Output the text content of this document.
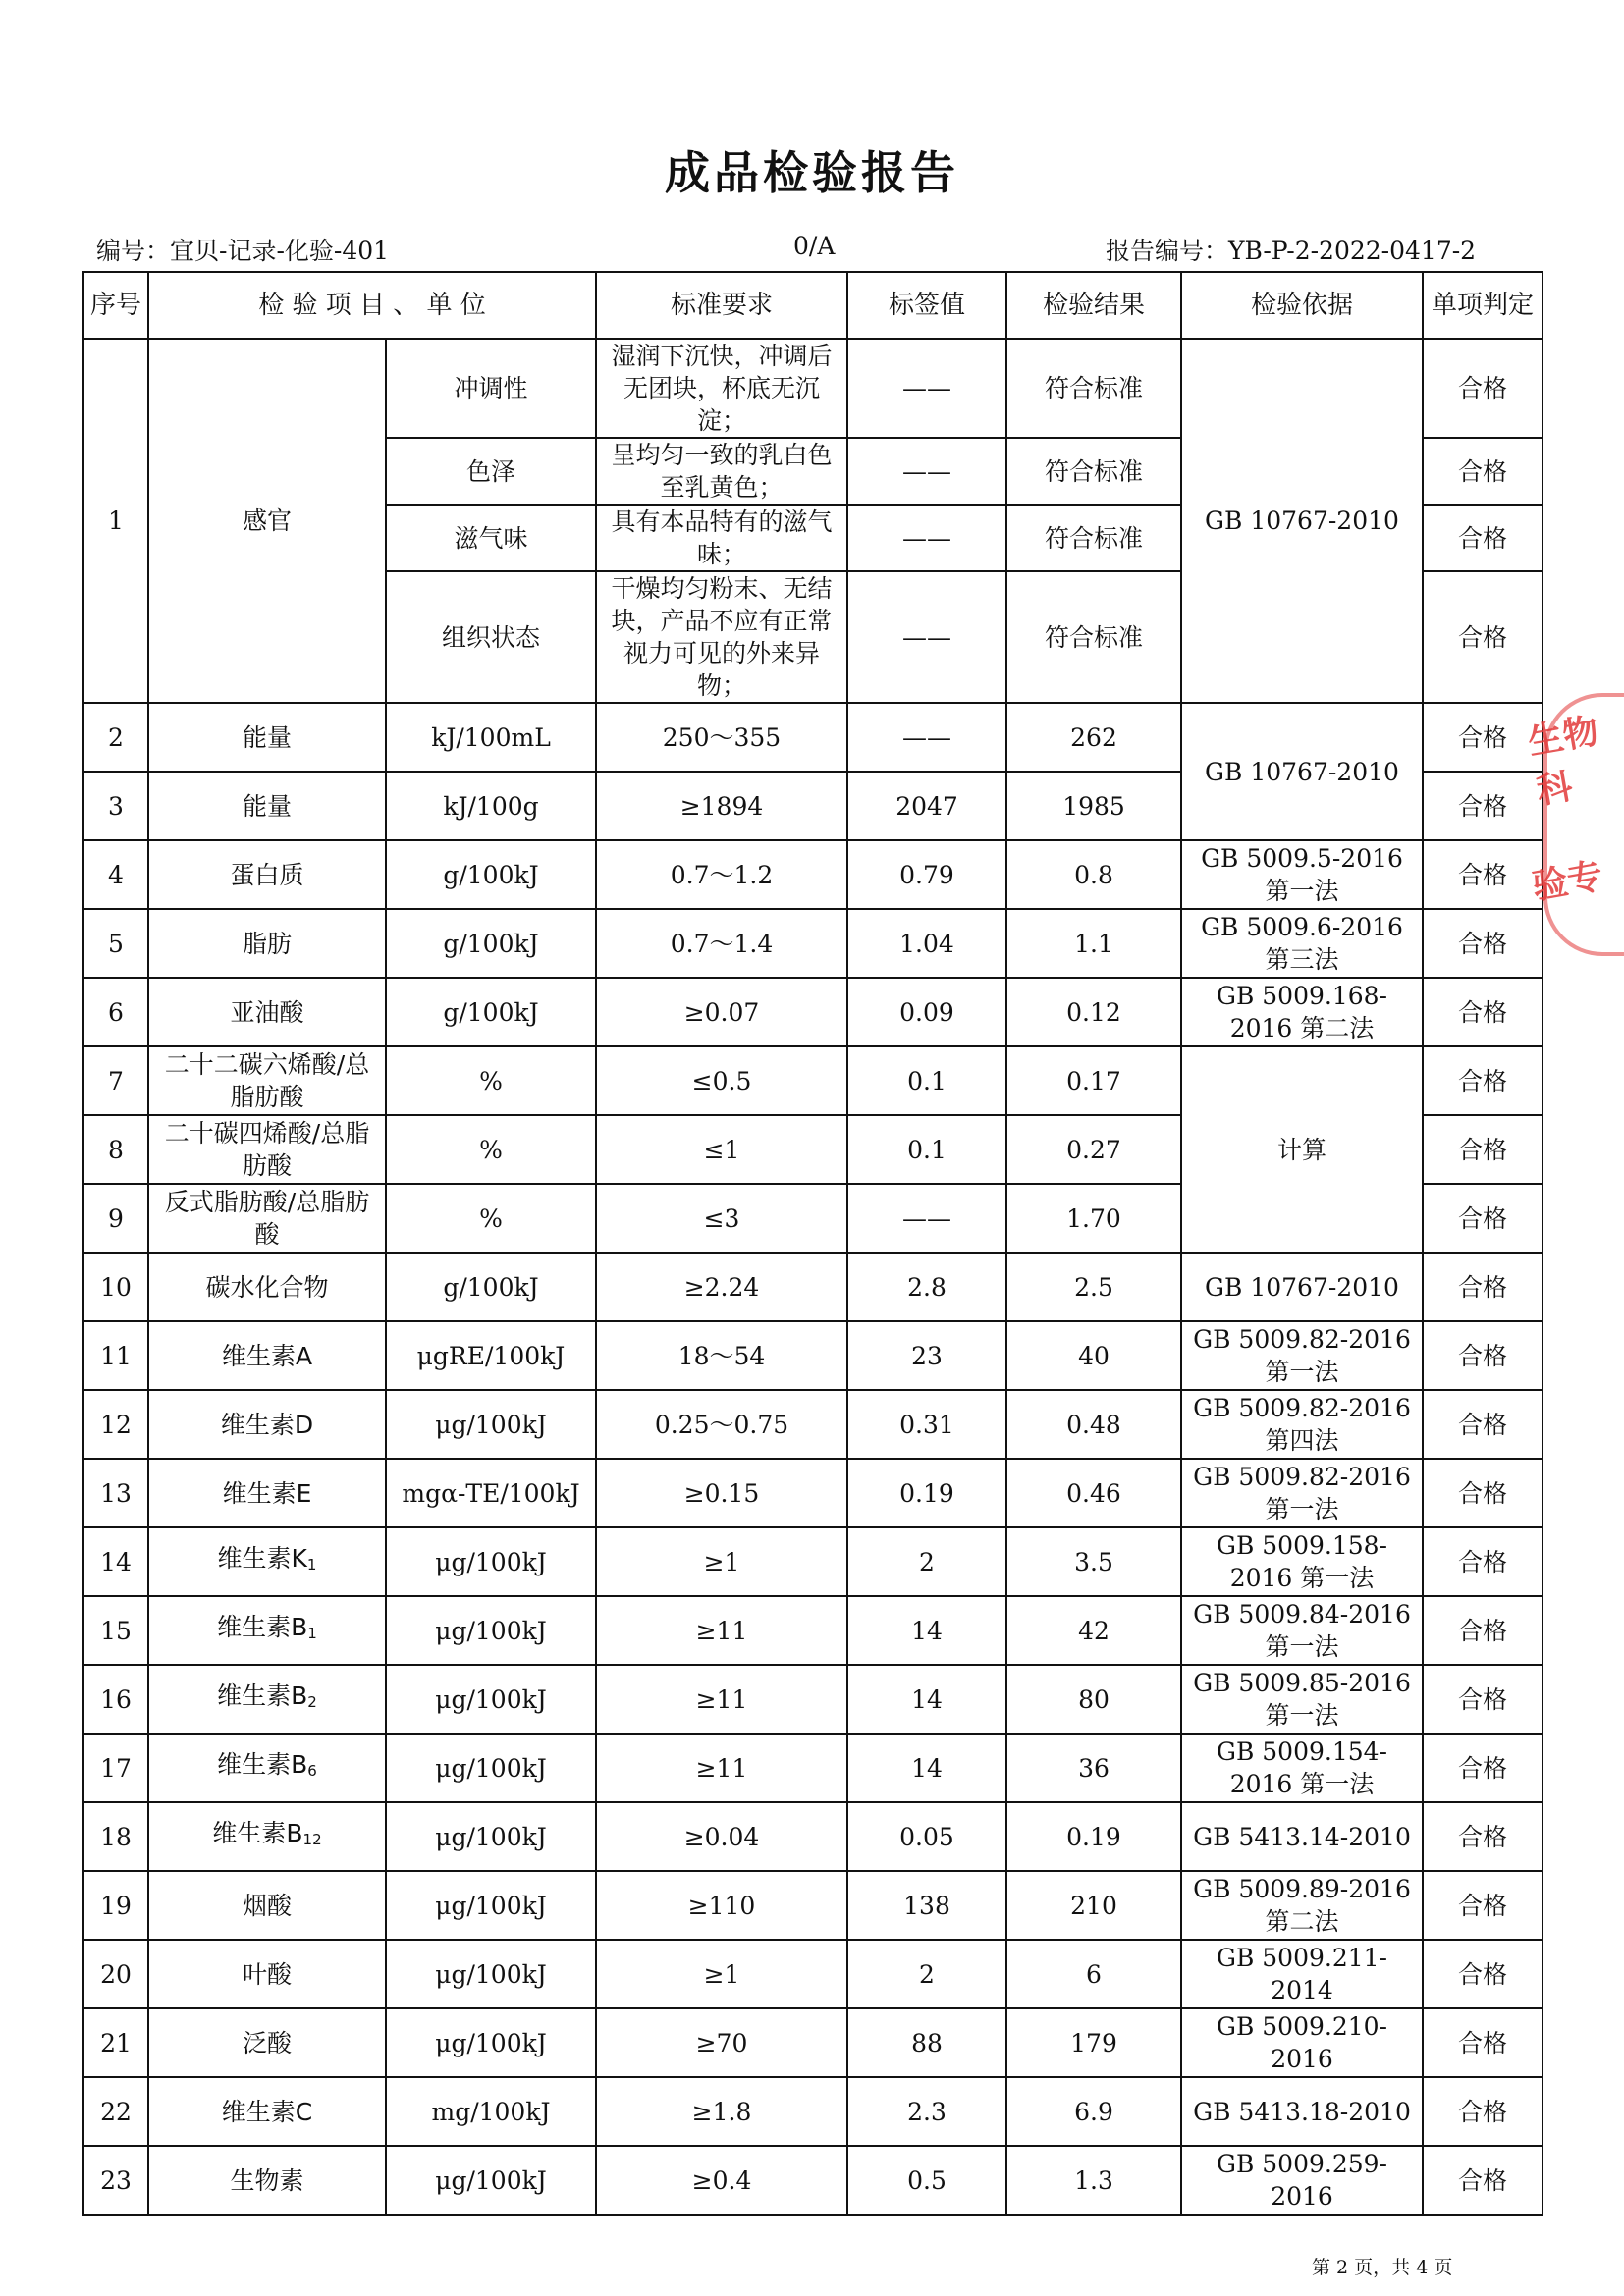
成品检验报告
编号：宜贝-记录-化验-401	0/A	报告编号：YB-P-2-2022-0417-2
序号	检 验 项 目 、 单 位		标准要求	标签值	检验结果	检验依据	单项判定
1	感官	冲调性	湿润下沉快，冲调后无团块，杯底无沉淀；	——	符合标准	GB 10767-2010	合格
		色泽	呈均匀一致的乳白色至乳黄色；	——	符合标准		合格
		滋气味	具有本品特有的滋气味；	——	符合标准		合格
		组织状态	干燥均匀粉末、无结块，产品不应有正常视力可见的外来异物；	——	符合标准		合格
2	能量	kJ/100mL	250～355	——	262	GB 10767-2010	合格
3	能量	kJ/100g	≥1894	2047	1985		合格
4	蛋白质	g/100kJ	0.7～1.2	0.79	0.8	GB 5009.5-2016 第一法	合格
5	脂肪	g/100kJ	0.7～1.4	1.04	1.1	GB 5009.6-2016 第三法	合格
6	亚油酸	g/100kJ	≥0.07	0.09	0.12	GB 5009.168-2016 第二法	合格
7	二十二碳六烯酸/总脂肪酸	%	≤0.5	0.1	0.17	计算	合格
8	二十碳四烯酸/总脂肪酸	%	≤1	0.1	0.27		合格
9	反式脂肪酸/总脂肪酸	%	≤3	——	1.70		合格
10	碳水化合物	g/100kJ	≥2.24	2.8	2.5	GB 10767-2010	合格
11	维生素A	μgRE/100kJ	18～54	23	40	GB 5009.82-2016 第一法	合格
12	维生素D	μg/100kJ	0.25～0.75	0.31	0.48	GB 5009.82-2016 第四法	合格
13	维生素E	mgα-TE/100kJ	≥0.15	0.19	0.46	GB 5009.82-2016 第一法	合格
14	维生素$K_1$	μg/100kJ	≥1	2	3.5	GB 5009.158-2016 第一法	合格
15	维生素$B_1$	μg/100kJ	≥11	14	42	GB 5009.84-2016 第一法	合格
16	维生素$B_2$	μg/100kJ	≥11	14	80	GB 5009.85-2016 第一法	合格
17	维生素$B_6$	μg/100kJ	≥11	14	36	GB 5009.154-2016 第一法	合格
18	维生素$B_{12}$	μg/100kJ	≥0.04	0.05	0.19	GB 5413.14-2010	合格
19	烟酸	μg/100kJ	≥110	138	210	GB 5009.89-2016 第二法	合格
20	叶酸	μg/100kJ	≥1	2	6	GB 5009.211-2014	合格
21	泛酸	μg/100kJ	≥70	88	179	GB 5009.210-2016	合格
22	维生素C	mg/100kJ	≥1.8	2.3	6.9	GB 5413.18-2010	合格
23	生物素	μg/100kJ	≥0.4	0.5	1.3	GB 5009.259-2016	合格
生物科
验专
第 2 页，共 4 页
